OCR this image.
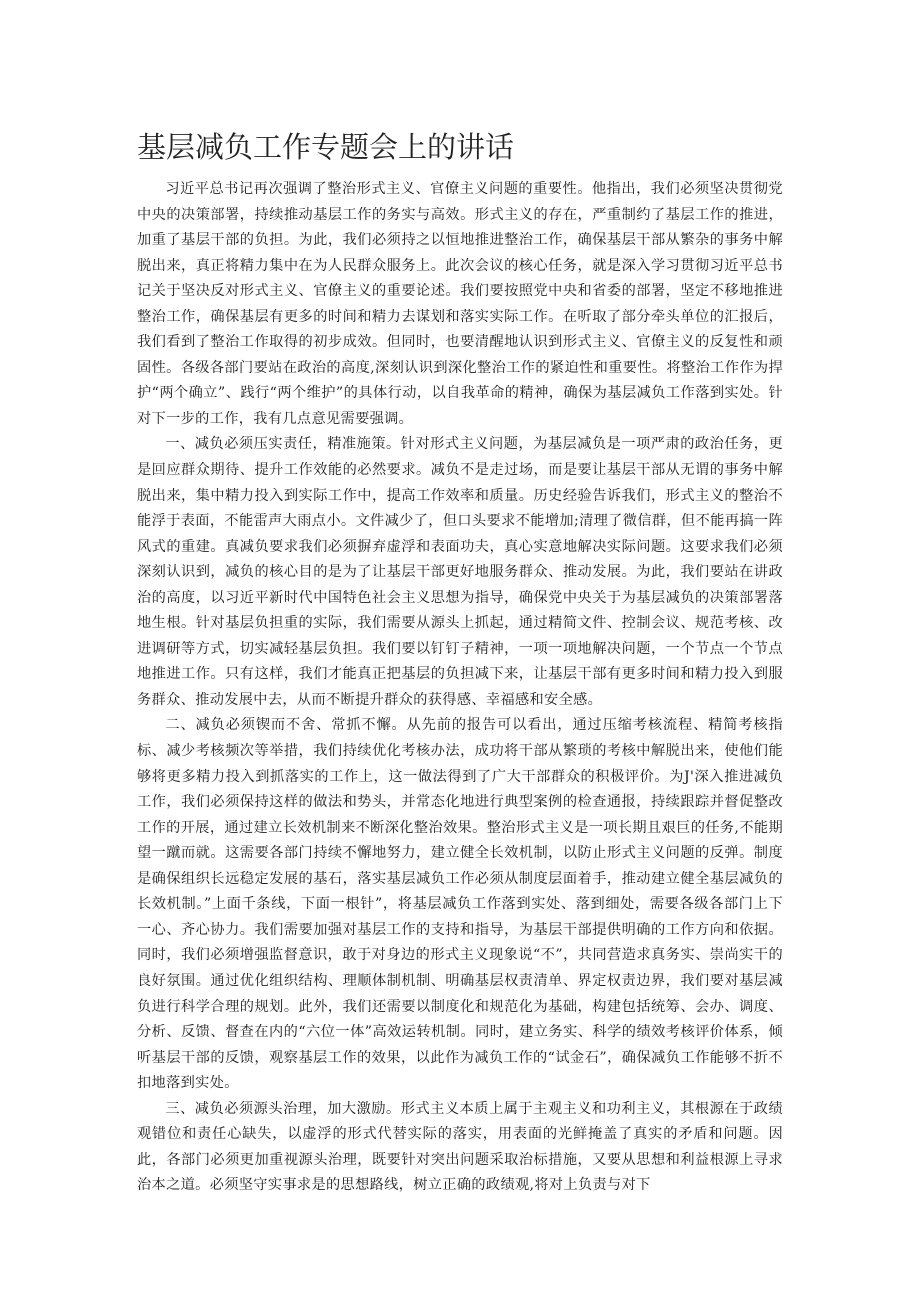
基层减负工作专题会上的讲话

习近平总书记再次强调了整治形式主义、官僚主义问题的重要性。他指出，我们必须坚决贯彻党中央的决策部署，持续推动基层工作的务实与高效。形式主义的存在，严重制约了基层工作的推进，加重了基层干部的负担。为此，我们必须持之以恒地推进整治工作，确保基层干部从繁杂的事务中解脱出来，真正将精力集中在为人民群众服务上。此次会议的核心任务，就是深入学习贯彻习近平总书记关于坚决反对形式主义、官僚主义的重要论述。我们要按照党中央和省委的部署，坚定不移地推进整治工作，确保基层有更多的时间和精力去谋划和落实实际工作。在听取了部分牵头单位的汇报后，我们看到了整治工作取得的初步成效。但同时，也要清醒地认识到形式主义、官僚主义的反复性和顽固性。各级各部门要站在政治的高度,深刻认识到深化整治工作的紧迫性和重要性。将整治工作作为捍护“两个确立”、践行“两个维护”的具体行动，以自我革命的精神，确保为基层减负工作落到实处。针对下一步的工作，我有几点意见需要强调。

一、减负必须压实责任，精准施策。针对形式主义问题，为基层减负是一项严肃的政治任务，更是回应群众期待、提升工作效能的必然要求。减负不是走过场，而是要让基层干部从无谓的事务中解脱出来，集中精力投入到实际工作中，提高工作效率和质量。历史经验告诉我们，形式主义的整治不能浮于表面，不能雷声大雨点小。文件减少了，但口头要求不能增加;清理了微信群，但不能再搞一阵风式的重建。真减负要求我们必须摒弃虚浮和表面功夫，真心实意地解决实际问题。这要求我们必须深刻认识到，减负的核心目的是为了让基层干部更好地服务群众、推动发展。为此，我们要站在讲政治的高度，以习近平新时代中国特色社会主义思想为指导，确保党中央关于为基层减负的决策部署落地生根。针对基层负担重的实际，我们需要从源头上抓起，通过精简文件、控制会议、规范考核、改进调研等方式，切实减轻基层负担。我们要以钉钉子精神，一项一项地解决问题，一个节点一个节点地推进工作。只有这样，我们才能真正把基层的负担减下来，让基层干部有更多时间和精力投入到服务群众、推动发展中去，从而不断提升群众的获得感、幸福感和安全感。

二、减负必须锲而不舍、常抓不懈。从先前的报告可以看出，通过压缩考核流程、精简考核指标、减少考核频次等举措，我们持续优化考核办法，成功将干部从繁琐的考核中解脱出来，使他们能够将更多精力投入到抓落实的工作上，这一做法得到了广大干部群众的积极评价。为J'深入推进减负工作，我们必须保持这样的做法和势头，并常态化地进行典型案例的检查通报，持续跟踪并督促整改工作的开展，通过建立长效机制来不断深化整治效果。整治形式主义是一项长期且艰巨的任务,不能期望一蹴而就。这需要各部门持续不懈地努力，建立健全长效机制，以防止形式主义问题的反弹。制度是确保组织长远稳定发展的基石，落实基层减负工作必须从制度层面着手，推动建立健全基层减负的长效机制。”上面千条线，下面一根针”，将基层减负工作落到实处、落到细处，需要各级各部门上下一心、齐心协力。我们需要加强对基层工作的支持和指导，为基层干部提供明确的工作方向和依据。同时，我们必须增强监督意识，敢于对身边的形式主义现象说“不”，共同营造求真务实、崇尚实干的良好氛围。通过优化组织结构、理顺体制机制、明确基层权责清单、界定权责边界，我们要对基层减负进行科学合理的规划。此外，我们还需要以制度化和规范化为基础，构建包括统筹、会办、调度、分析、反馈、督查在内的“六位一体”高效运转机制。同时，建立务实、科学的绩效考核评价体系，倾听基层干部的反馈，观察基层工作的效果，以此作为减负工作的“试金石”，确保减负工作能够不折不扣地落到实处。

三、减负必须源头治理，加大激励。形式主义本质上属于主观主义和功利主义，其根源在于政绩观错位和责任心缺失，以虚浮的形式代替实际的落实，用表面的光鲜掩盖了真实的矛盾和问题。因此，各部门必须更加重视源头治理，既要针对突出问题采取治标措施，又要从思想和利益根源上寻求治本之道。必须坚守实事求是的思想路线，树立正确的政绩观,将对上负责与对下
